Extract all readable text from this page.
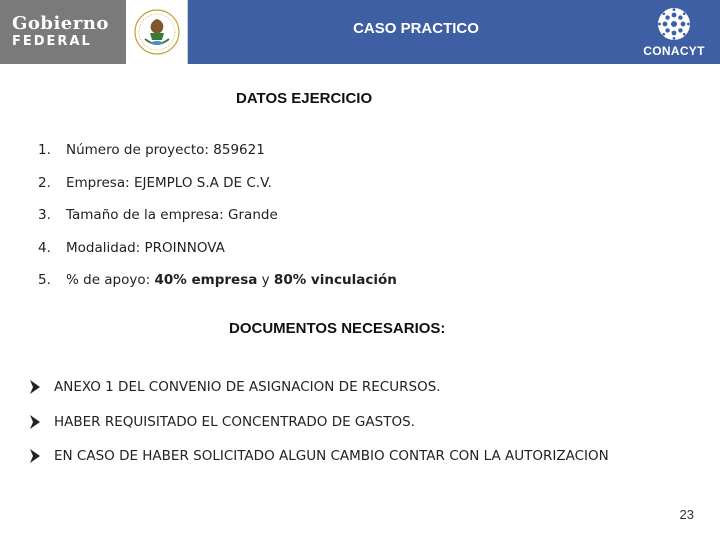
Gobierno
FEDERAL
CASO PRACTICO
CONACYT
DATOS EJERCICIO
1. Número de proyecto: 859621
2. Empresa: EJEMPLO S.A DE C.V.
3. Tamaño de la empresa: Grande
4. Modalidad: PROINNOVA
5. % de apoyo: 40% empresa y 80% vinculación
DOCUMENTOS NECESARIOS:
ANEXO 1 DEL CONVENIO DE ASIGNACION DE RECURSOS.
HABER REQUISITADO EL CONCENTRADO DE GASTOS.
EN CASO DE HABER SOLICITADO ALGUN CAMBIO CONTAR CON LA AUTORIZACION
23
